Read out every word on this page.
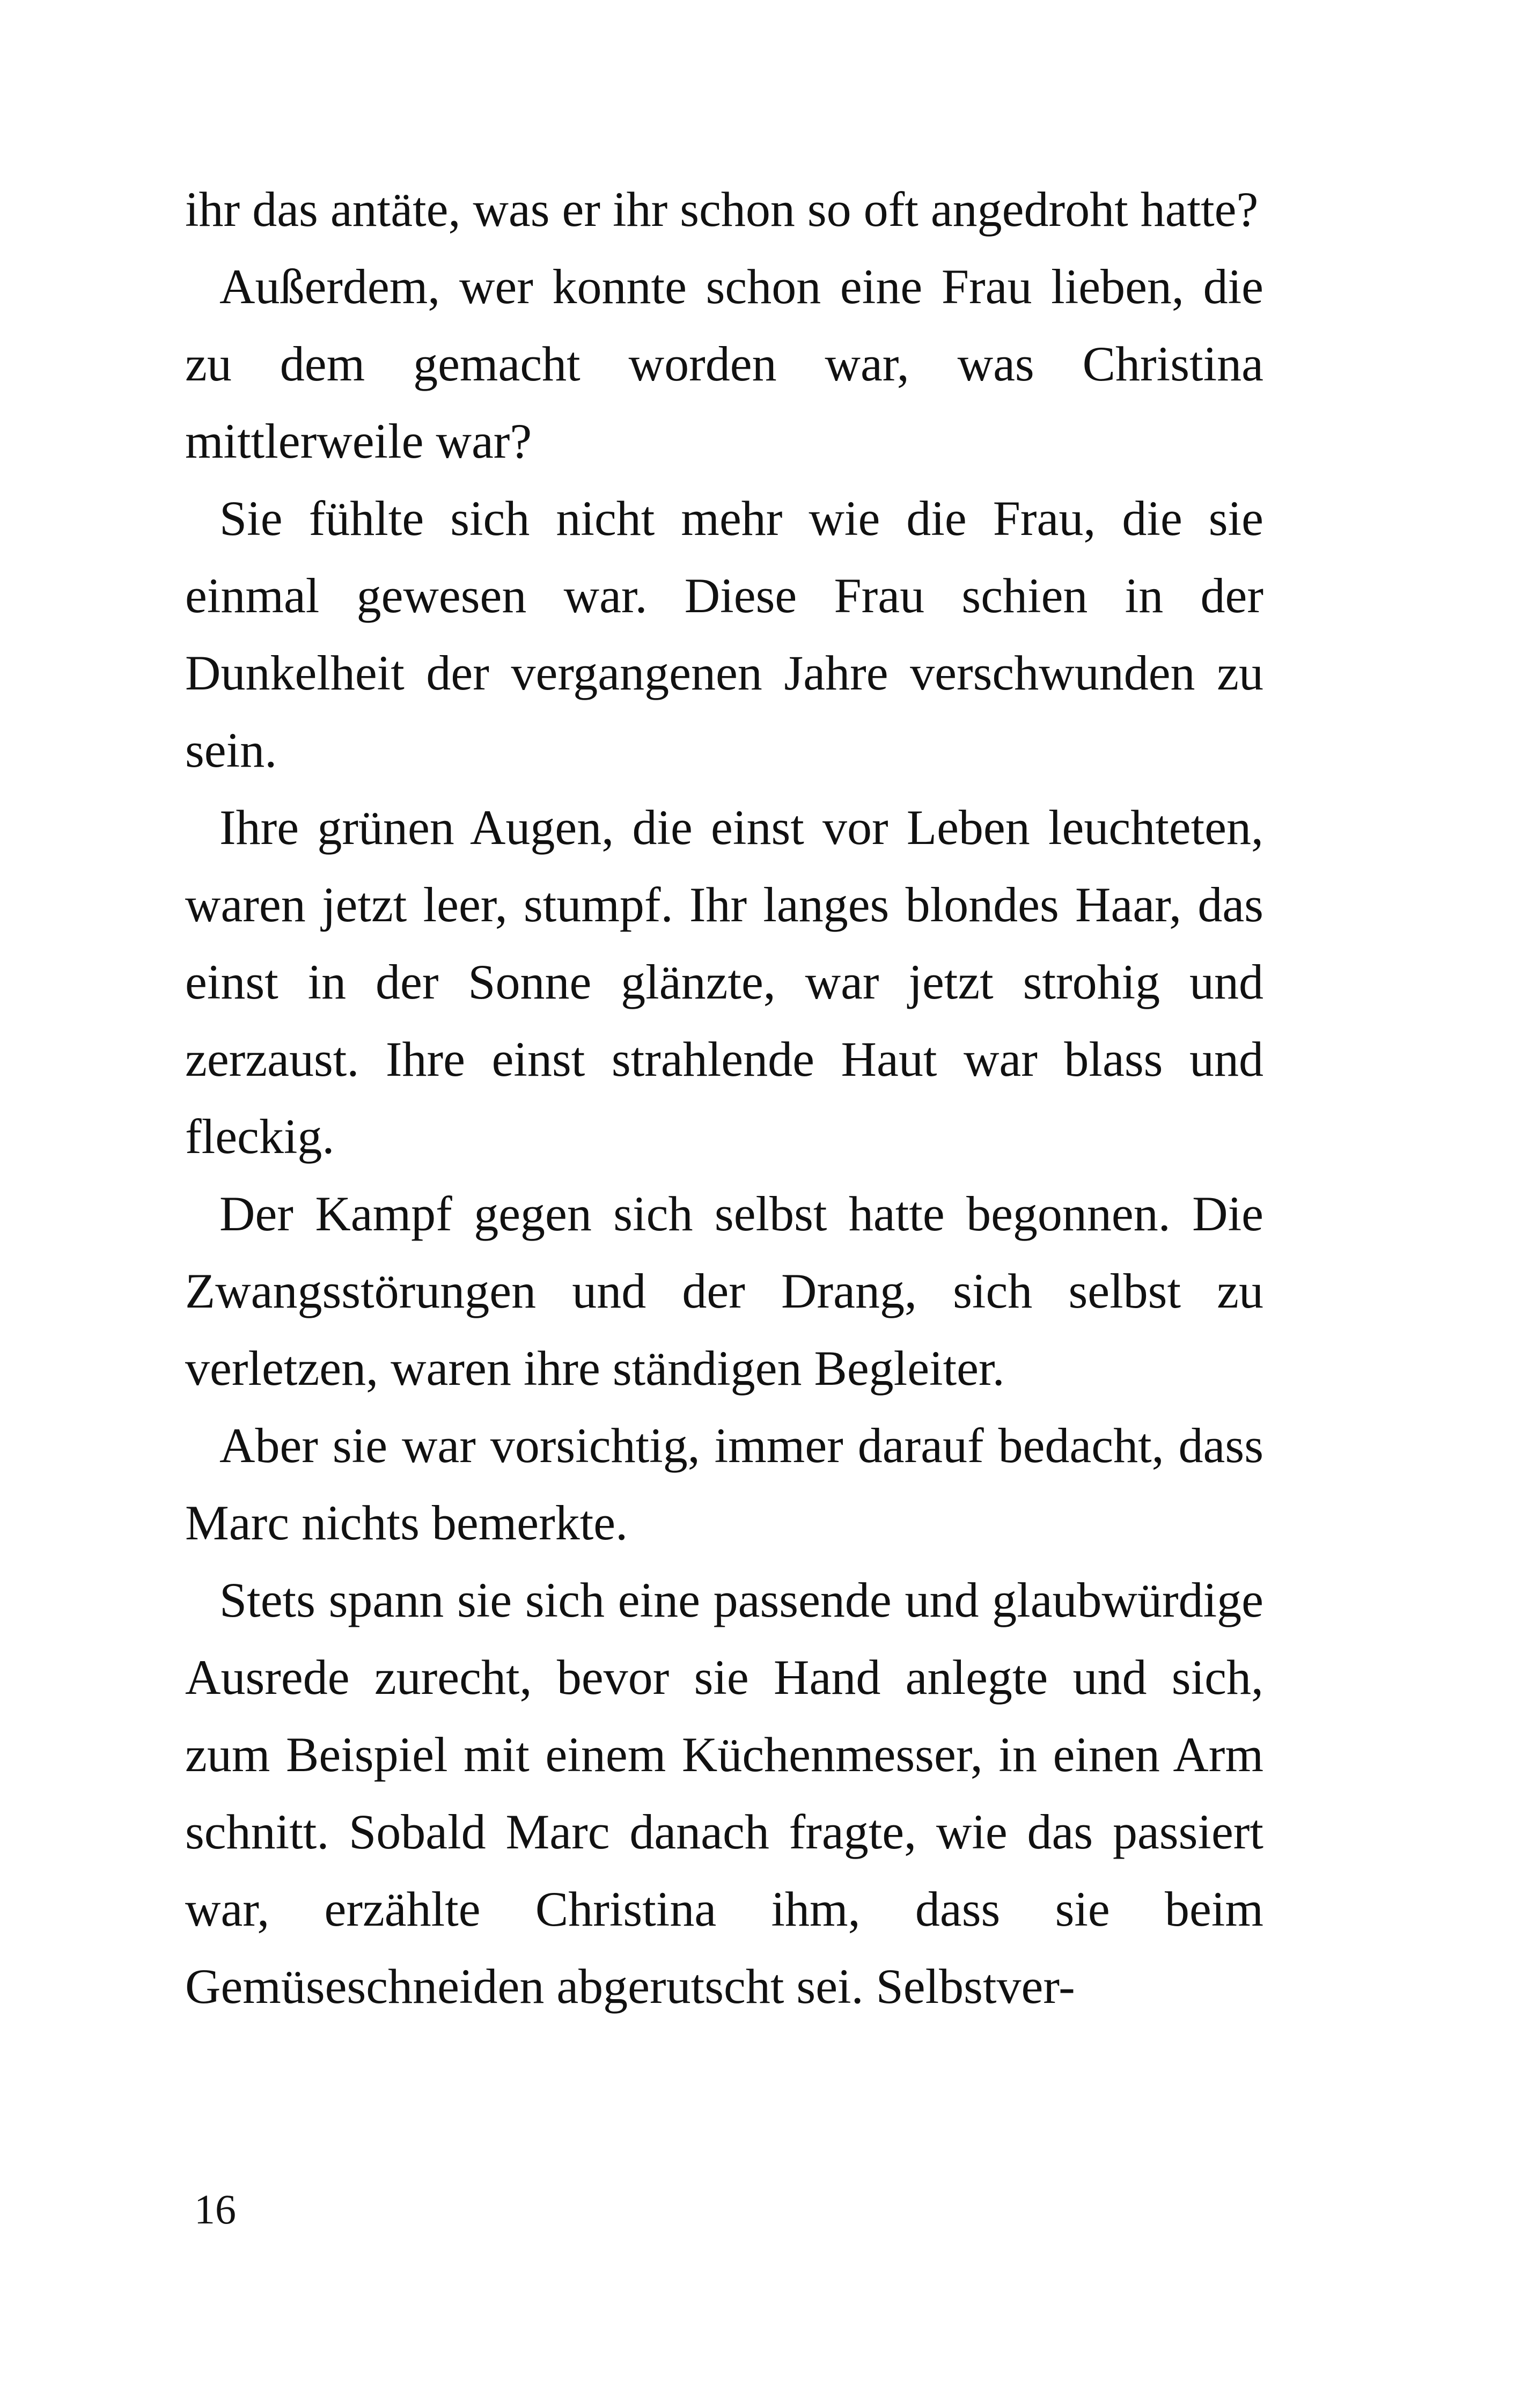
ihr das antäte, was er ihr schon so oft angedroht hatte?

Außerdem, wer konnte schon eine Frau lieben, die zu dem gemacht worden war, was Christina mittlerweile war?

Sie fühlte sich nicht mehr wie die Frau, die sie einmal gewesen war. Diese Frau schien in der Dunkelheit der vergangenen Jahre verschwunden zu sein.

Ihre grünen Augen, die einst vor Leben leuchteten, waren jetzt leer, stumpf. Ihr langes blondes Haar, das einst in der Sonne glänzte, war jetzt strohig und zerzaust. Ihre einst strahlende Haut war blass und fleckig.

Der Kampf gegen sich selbst hatte begonnen. Die Zwangsstörungen und der Drang, sich selbst zu verletzen, waren ihre ständigen Begleiter.

Aber sie war vorsichtig, immer darauf bedacht, dass Marc nichts bemerkte.

Stets spann sie sich eine passende und glaubwürdige Ausrede zurecht, bevor sie Hand anlegte und sich, zum Beispiel mit einem Küchenmesser, in einen Arm schnitt. Sobald Marc danach fragte, wie das passiert war, erzählte Christina ihm, dass sie beim Gemüseschneiden abgerutscht sei. Selbstver-

16
